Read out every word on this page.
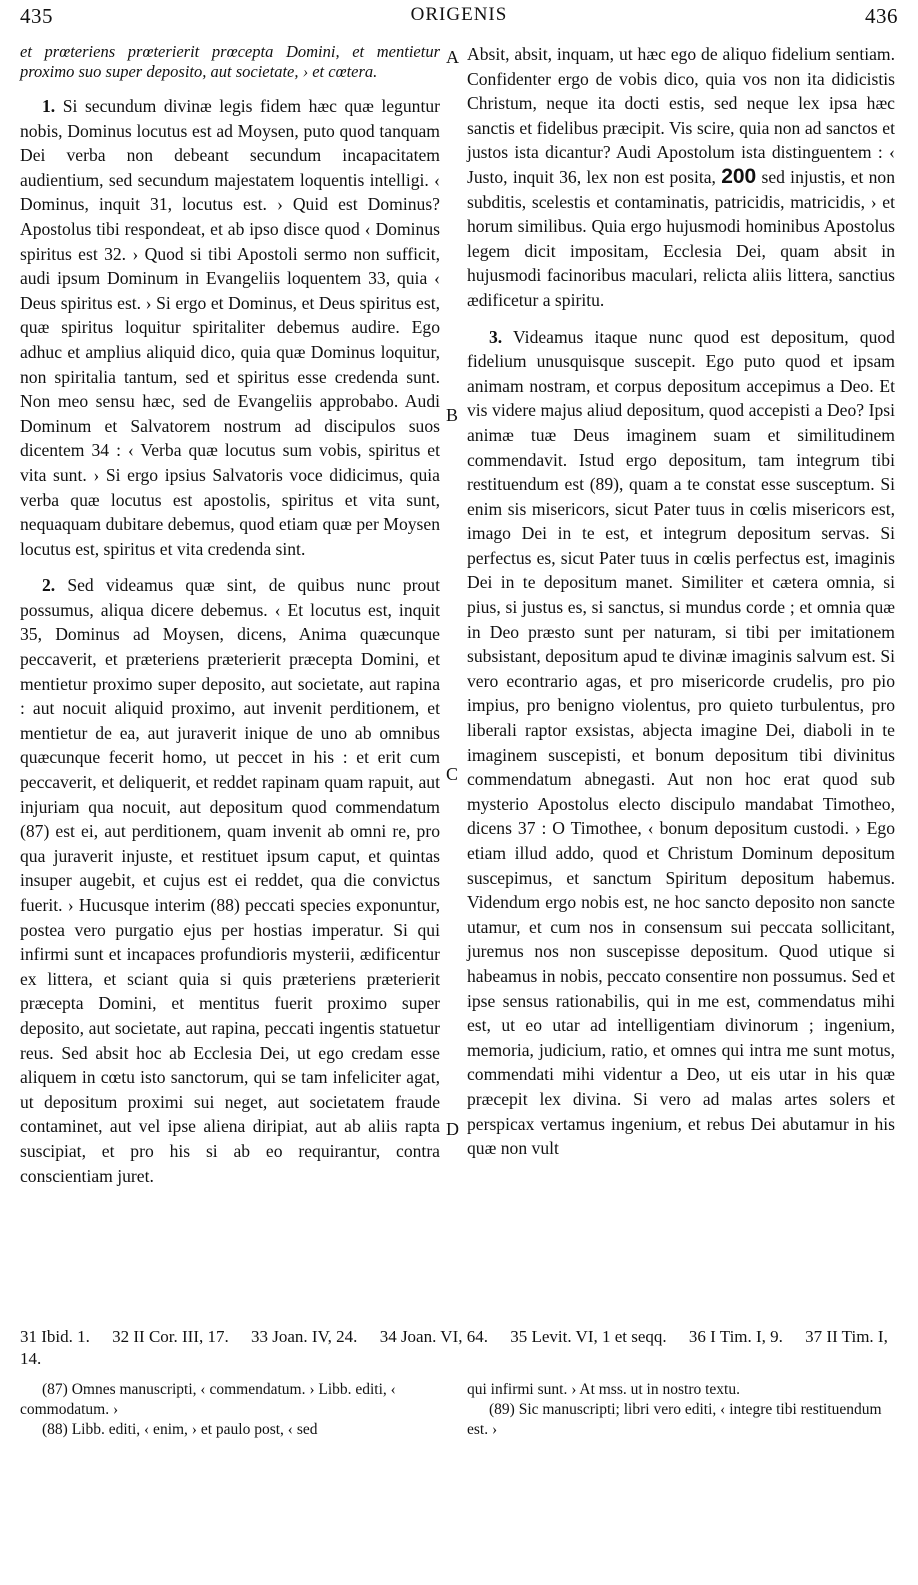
435	ORIGENIS	436

et prœteriens prœterierit prœcepta Domini, et mentietur proximo suo super deposito, aut societate, › et cœtera.

1. Si secundum divinæ legis fidem hæc quæ leguntur nobis, Dominus locutus est ad Moysen, puto quod tanquam Dei verba non debeant secundum incapacitatem audientium, sed secundum majestatem loquentis intelligi. ‹ Dominus, inquit 31, locutus est. › Quid est Dominus? Apostolus tibi respondeat, et ab ipso disce quod ‹ Dominus spiritus est 32. › Quod si tibi Apostoli sermo non sufficit, audi ipsum Dominum in Evangeliis loquentem 33, quia ‹ Deus spiritus est. › Si ergo et Dominus, et Deus spiritus est, quæ spiritus loquitur spiritaliter debemus audire. Ego adhuc et amplius aliquid dico, quia quæ Dominus loquitur, non spiritalia tantum, sed et spiritus esse credenda sunt. Non meo sensu hæc, sed de Evangeliis approbabo. Audi Dominum et Salvatorem nostrum ad discipulos suos dicentem 34 : ‹ Verba quæ locutus sum vobis, spiritus et vita sunt. › Si ergo ipsius Salvatoris voce didicimus, quia verba quæ locutus est apostolis, spiritus et vita sunt, nequaquam dubitare debemus, quod etiam quæ per Moysen locutus est, spiritus et vita credenda sint.

2. Sed videamus quæ sint, de quibus nunc prout possumus, aliqua dicere debemus. ‹ Et locutus est, inquit 35, Dominus ad Moysen, dicens, Anima quæcunque peccaverit, et præteriens præterierit præcepta Domini, et mentietur proximo super deposito, aut societate, aut rapina : aut nocuit aliquid proximo, aut invenit perditionem, et mentietur de ea, aut juraverit inique de uno ab omnibus quæcunque fecerit homo, ut peccet in his : et erit cum peccaverit, et deliquerit, et reddet rapinam quam rapuit, aut injuriam qua nocuit, aut depositum quod commendatum (87) est ei, aut perditionem, quam invenit ab omni re, pro qua juraverit injuste, et restituet ipsum caput, et quintas insuper augebit, et cujus est ei reddet, qua die convictus fuerit. › Hucusque interim (88) peccati species exponuntur, postea vero purgatio ejus per hostias imperatur. Si qui infirmi sunt et incapaces profundioris mysterii, ædificentur ex littera, et sciant quia si quis præteriens præterierit præcepta Domini, et mentitus fuerit proximo super deposito, aut societate, aut rapina, peccati ingentis statuetur reus. Sed absit hoc ab Ecclesia Dei, ut ego credam esse aliquem in cœtu isto sanctorum, qui se tam infeliciter agat, ut depositum proximi sui neget, aut societatem fraude contaminet, aut vel ipse aliena diripiat, aut ab aliis rapta suscipiat, et pro his si ab eo requirantur, contra conscientiam juret.

A
B
C
D

Absit, absit, inquam, ut hæc ego de aliquo fidelium sentiam. Confidenter ergo de vobis dico, quia vos non ita didicistis Christum, neque ita docti estis, sed neque lex ipsa hæc sanctis et fidelibus præcipit. Vis scire, quia non ad sanctos et justos ista dicantur? Audi Apostolum ista distinguentem : ‹ Justo, inquit 36, lex non est posita, 200 sed injustis, et non subditis, scelestis et contaminatis, patricidis, matricidis, › et horum similibus. Quia ergo hujusmodi hominibus Apostolus legem dicit impositam, Ecclesia Dei, quam absit in hujusmodi facinoribus maculari, relicta aliis littera, sanctius ædificetur a spiritu.

3. Videamus itaque nunc quod est depositum, quod fidelium unusquisque suscepit. Ego puto quod et ipsam animam nostram, et corpus depositum accepimus a Deo. Et vis videre majus aliud depositum, quod accepisti a Deo? Ipsi animæ tuæ Deus imaginem suam et similitudinem commendavit. Istud ergo depositum, tam integrum tibi restituendum est (89), quam a te constat esse susceptum. Si enim sis misericors, sicut Pater tuus in cœlis misericors est, imago Dei in te est, et integrum depositum servas. Si perfectus es, sicut Pater tuus in cœlis perfectus est, imaginis Dei in te depositum manet. Similiter et cætera omnia, si pius, si justus es, si sanctus, si mundus corde ; et omnia quæ in Deo præsto sunt per naturam, si tibi per imitationem subsistant, depositum apud te divinæ imaginis salvum est. Si vero econtrario agas, et pro misericorde crudelis, pro pio impius, pro benigno violentus, pro quieto turbulentus, pro liberali raptor exsistas, abjecta imagine Dei, diaboli in te imaginem suscepisti, et bonum depositum tibi divinitus commendatum abnegasti. Aut non hoc erat quod sub mysterio Apostolus electo discipulo mandabat Timotheo, dicens 37 : O Timothee, ‹ bonum depositum custodi. › Ego etiam illud addo, quod et Christum Dominum depositum suscepimus, et sanctum Spiritum depositum habemus. Videndum ergo nobis est, ne hoc sancto deposito non sancte utamur, et cum nos in consensum sui peccata sollicitant, juremus nos non suscepisse depositum. Quod utique si habeamus in nobis, peccato consentire non possumus. Sed et ipse sensus rationabilis, qui in me est, commendatus mihi est, ut eo utar ad intelligentiam divinorum ; ingenium, memoria, judicium, ratio, et omnes qui intra me sunt motus, commendati mihi videntur a Deo, ut eis utar in his quæ præcepit lex divina. Si vero ad malas artes solers et perspicax vertamus ingenium, et rebus Dei abutamur in his quæ non vult

31 Ibid. 1. 32 II Cor. III, 17. 33 Joan. IV, 24. 34 Joan. VI, 64. 35 Levit. VI, 1 et seqq. 36 I Tim. I, 9. 37 II Tim. I, 14.

(87) Omnes manuscripti, ‹ commendatum. › Libb. editi, ‹ commodatum. ›

(88) Libb. editi, ‹ enim, › et paulo post, ‹ sed

qui infirmi sunt. › At mss. ut in nostro textu.

(89) Sic manuscripti; libri vero editi, ‹ integre tibi restituendum est. ›
